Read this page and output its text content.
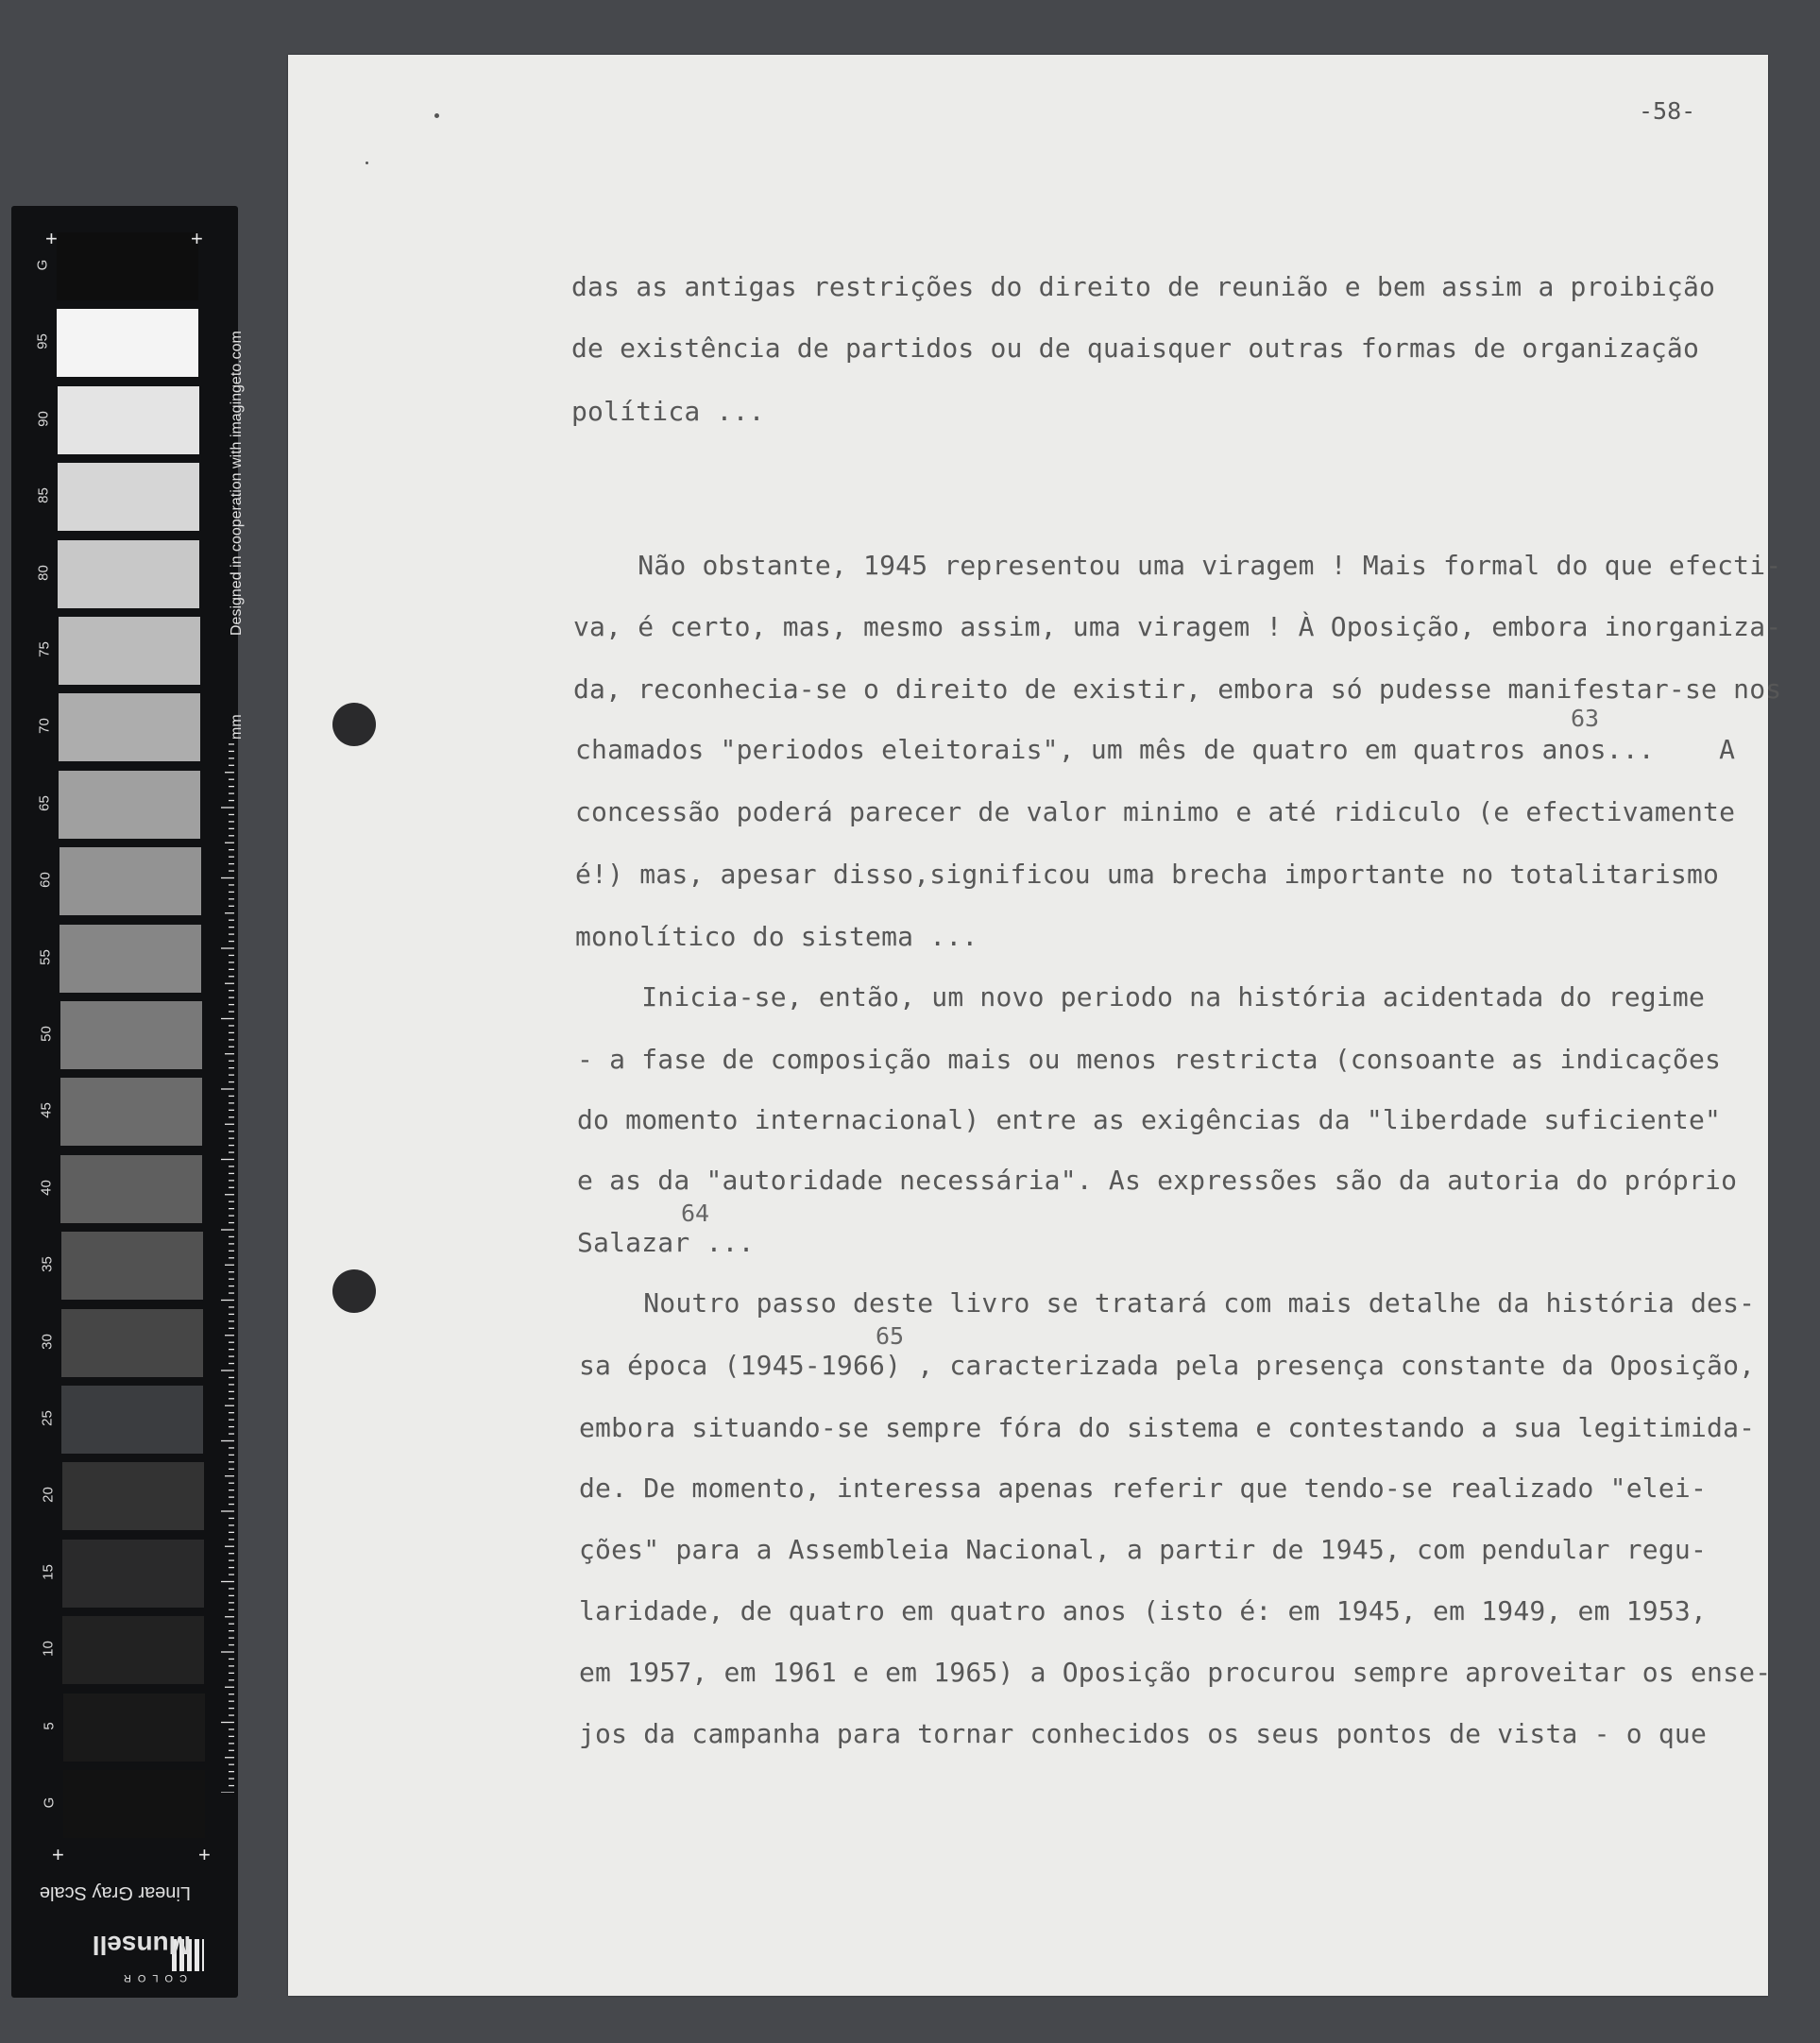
+	+
+	+
Designed in cooperation with imagingeto.com
mm
Linear Gray Scale
Munsell
COLOR
G
95
90
85
80
75
70
65
60
55
50
45
40
35
30
25
20
15
10
5
G
-58-
das as antigas restrições do direito de reunião e bem assim a proibição
de existência de partidos ou de quaisquer outras formas de organização
política ...
Não obstante, 1945 representou uma viragem ! Mais formal do que efecti-
va, é certo, mas, mesmo assim, uma viragem ! À Oposição, embora inorganiza-
da, reconhecia-se o direito de existir, embora só pudesse manifestar-se nos
chamados "periodos eleitorais", um mês de quatro em quatros anos...    A
concessão poderá parecer de valor minimo e até ridiculo (e efectivamente
é!) mas, apesar disso,significou uma brecha importante no totalitarismo
monolítico do sistema ...
Inicia-se, então, um novo periodo na história acidentada do regime
- a fase de composição mais ou menos restricta (consoante as indicações
do momento internacional) entre as exigências da "liberdade suficiente"
e as da "autoridade necessária". As expressões são da autoria do próprio
Salazar ...
Noutro passo deste livro se tratará com mais detalhe da história des-
sa época (1945-1966) , caracterizada pela presença constante da Oposição,
embora situando-se sempre fóra do sistema e contestando a sua legitimida-
de. De momento, interessa apenas referir que tendo-se realizado "elei-
ções" para a Assembleia Nacional, a partir de 1945, com pendular regu-
laridade, de quatro em quatro anos (isto é: em 1945, em 1949, em 1953,
em 1957, em 1961 e em 1965) a Oposição procurou sempre aproveitar os ense-
jos da campanha para tornar conhecidos os seus pontos de vista - o que
63
64
65
